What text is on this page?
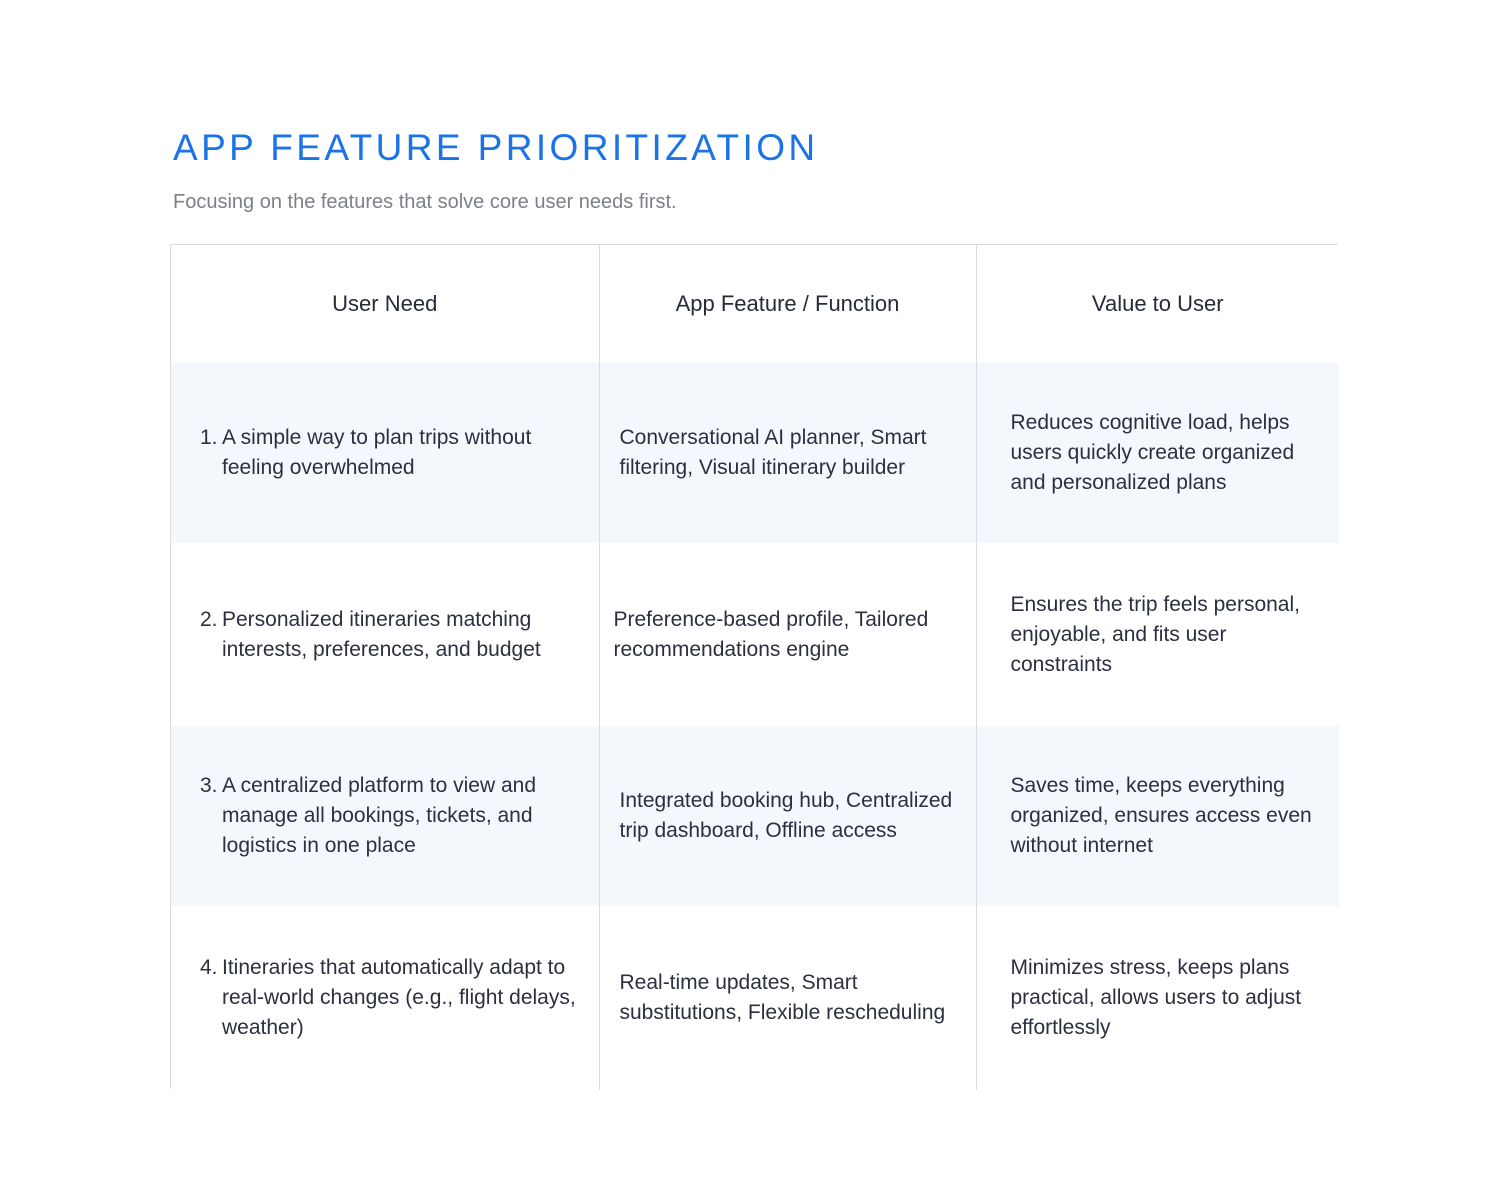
APP FEATURE PRIORITIZATION

Focusing on the features that solve core user needs first.

User Need	App Feature / Function	Value to User

1. A simple way to plan trips without feeling overwhelmed	Conversational AI planner, Smart filtering, Visual itinerary builder	Reduces cognitive load, helps users quickly create organized and personalized plans

2. Personalized itineraries matching interests, preferences, and budget	Preference-based profile, Tailored recommendations engine	Ensures the trip feels personal, enjoyable, and fits user constraints

3. A centralized platform to view and manage all bookings, tickets, and logistics in one place	Integrated booking hub, Centralized trip dashboard, Offline access	Saves time, keeps everything organized, ensures access even without internet

4. Itineraries that automatically adapt to real-world changes (e.g., flight delays, weather)	Real-time updates, Smart substitutions, Flexible rescheduling	Minimizes stress, keeps plans practical, allows users to adjust effortlessly
